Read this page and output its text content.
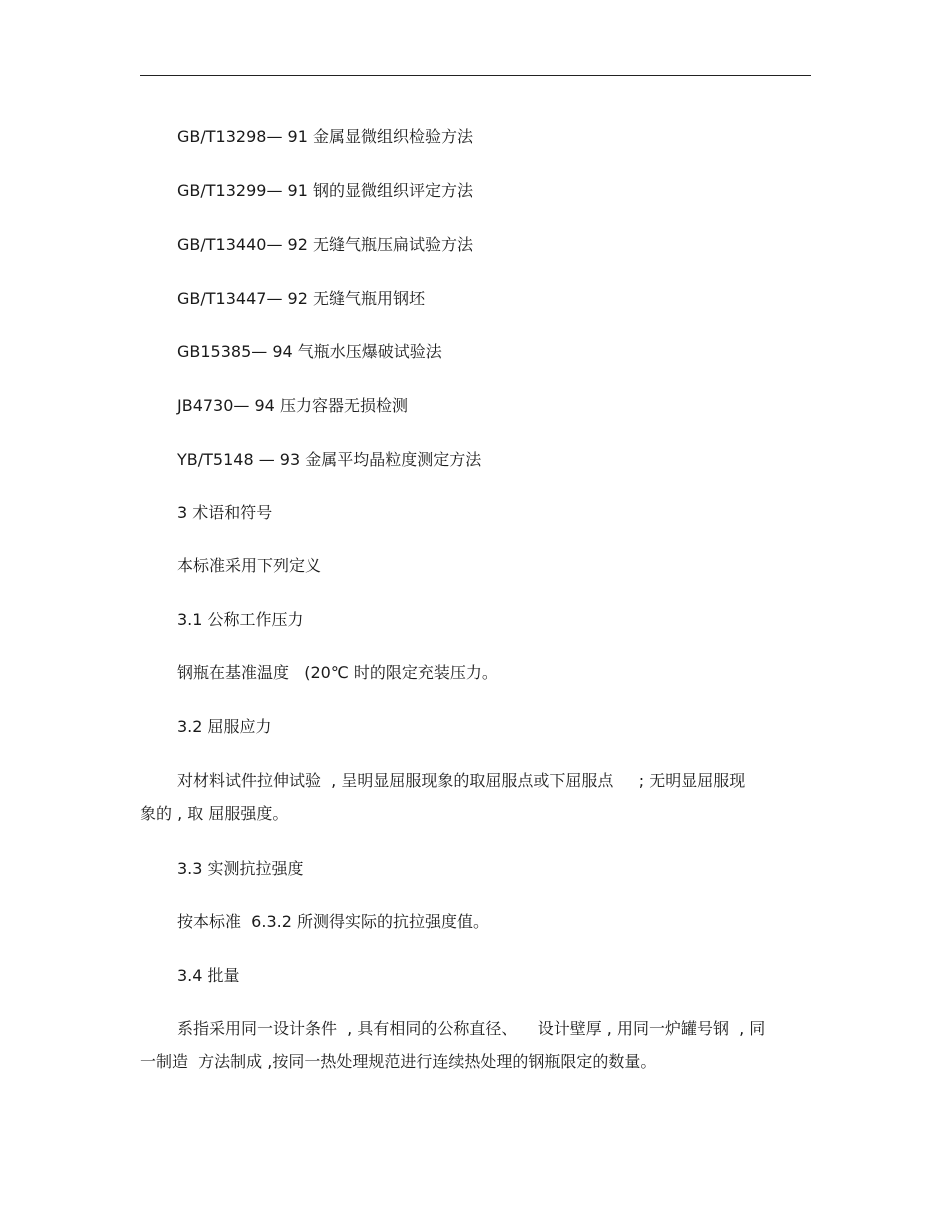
GB/T13298— 91 金属显微组织检验方法
GB/T13299— 91 钢的显微组织评定方法
GB/T13440— 92 无缝气瓶压扁试验方法
GB/T13447— 92 无缝气瓶用钢坯
GB15385— 94 气瓶水压爆破试验法
JB4730— 94 压力容器无损检测
YB/T5148 — 93 金属平均晶粒度测定方法
3 术语和符号
本标准采用下列定义
3.1 公称工作压力
钢瓶在基准温度   (20℃ 时的限定充装压力。
3.2 屈服应力
对材料试件拉伸试验  , 呈明显屈服现象的取屈服点或下屈服点     ; 无明显屈服现
象的 , 取 屈服强度。
3.3 实测抗拉强度
按本标准  6.3.2 所测得实际的抗拉强度值。
3.4 批量
系指采用同一设计条件  , 具有相同的公称直径、    设计壁厚 , 用同一炉罐号钢  , 同
一制造  方法制成 ,按同一热处理规范进行连续热处理的钢瓶限定的数量。
